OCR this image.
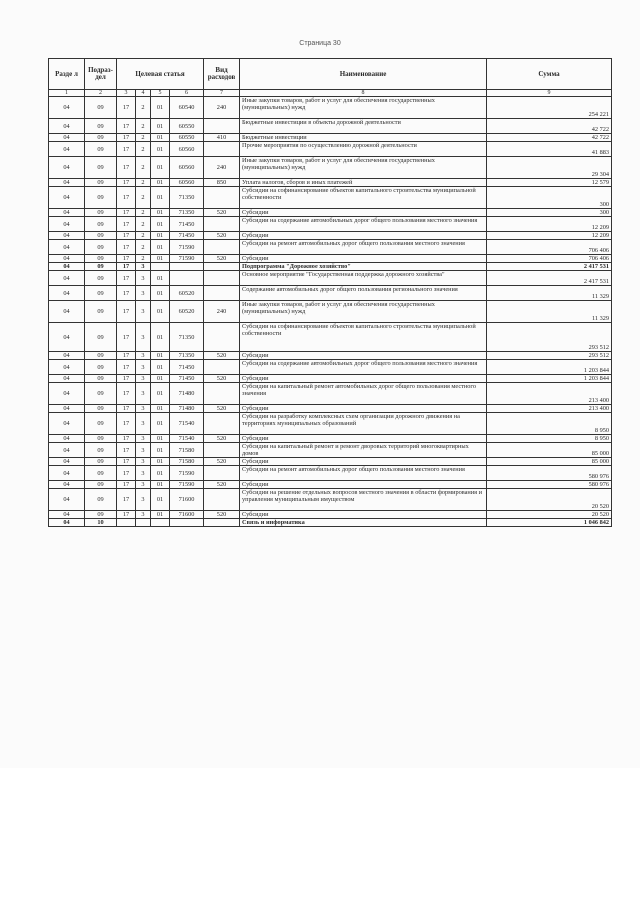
Страница 30
Разде л	Подраз- дел	Целевая статья				Вид расходов	Наименование	Сумма
1	2	3	4	5	6	7	8	9
04	09	17	2	01	60540	240	Иные закупки товаров, работ и услуг для обеспечения государственных (муниципальных) нужд	254 221
04	09	17	2	01	60550		Бюджетные инвестиции в объекты дорожной деятельности	42 722
04	09	17	2	01	60550	410	Бюджетные инвестиции	42 722
04	09	17	2	01	60560		Прочие мероприятия по осуществлению дорожной деятельности	41 883
04	09	17	2	01	60560	240	Иные закупки товаров, работ и услуг для обеспечения государственных (муниципальных) нужд	29 304
04	09	17	2	01	60560	850	Уплата налогов, сборов и иных платежей	12 579
04	09	17	2	01	71350		Субсидии на софинансирование объектов капитального строительства муниципальной собственности	300
04	09	17	2	01	71350	520	Субсидии	300
04	09	17	2	01	71450		Субсидии на содержание автомобильных дорог общего пользования местного значения	12 209
04	09	17	2	01	71450	520	Субсидии	12 209
04	09	17	2	01	71590		Субсидии на ремонт автомобильных дорог общего пользования местного значения	706 406
04	09	17	2	01	71590	520	Субсидии	706 406
04	09	17	3				Подпрограмма "Дорожное хозяйство"	2 417 531
04	09	17	3	01			Основное мероприятие "Государственная поддержка дорожного хозяйства"	2 417 531
04	09	17	3	01	60520		Содержание автомобильных дорог общего пользования регионального значения	11 329
04	09	17	3	01	60520	240	Иные закупки товаров, работ и услуг для обеспечения государственных (муниципальных) нужд	11 329
04	09	17	3	01	71350		Субсидии на софинансирование объектов капитального строительства муниципальной собственности	293 512
04	09	17	3	01	71350	520	Субсидии	293 512
04	09	17	3	01	71450		Субсидии на содержание автомобильных дорог общего пользования местного значения	1 203 844
04	09	17	3	01	71450	520	Субсидии	1 203 844
04	09	17	3	01	71480		Субсидии на капитальный ремонт автомобильных дорог общего пользования местного значения	213 400
04	09	17	3	01	71480	520	Субсидии	213 400
04	09	17	3	01	71540		Субсидии на разработку комплексных схем организации дорожного движения на территориях муниципальных образований	8 950
04	09	17	3	01	71540	520	Субсидии	8 950
04	09	17	3	01	71580		Субсидии на капитальный ремонт и ремонт дворовых территорий многоквартирных домов	85 000
04	09	17	3	01	71580	520	Субсидии	85 000
04	09	17	3	01	71590		Субсидии на ремонт автомобильных дорог общего пользования местного значения	580 976
04	09	17	3	01	71590	520	Субсидии	580 976
04	09	17	3	01	71600		Субсидии на решение отдельных вопросов местного значения в области формирования и управления муниципальным имуществом	20 520
04	09	17	3	01	71600	520	Субсидии	20 520
04	10						Связь и информатика	1 046 842
